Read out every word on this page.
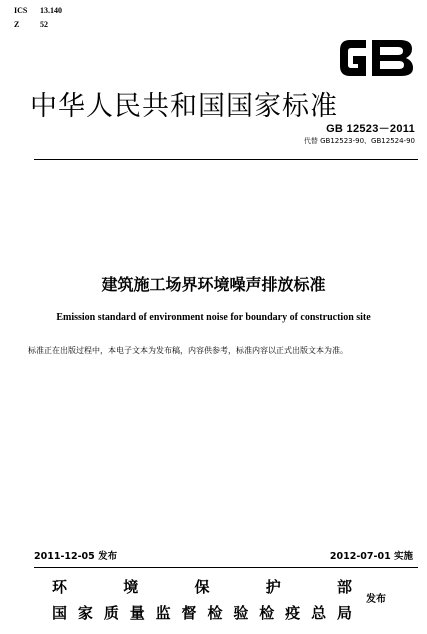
ICS 13.140
Z	52
中华人民共和国国家标准
GB 12523－2011
代替 GB12523-90、GB12524-90
建筑施工场界环境噪声排放标准
Emission standard of environment noise for boundary of construction site
标准正在出版过程中，本电子文本为发布稿，内容供参考，标准内容以正式出版文本为准。
2011-12-05 发布	2012-07-01 实施
环	境	保	护	部
国 家 质 量 监 督 检 验 检 疫 总 局
发布
